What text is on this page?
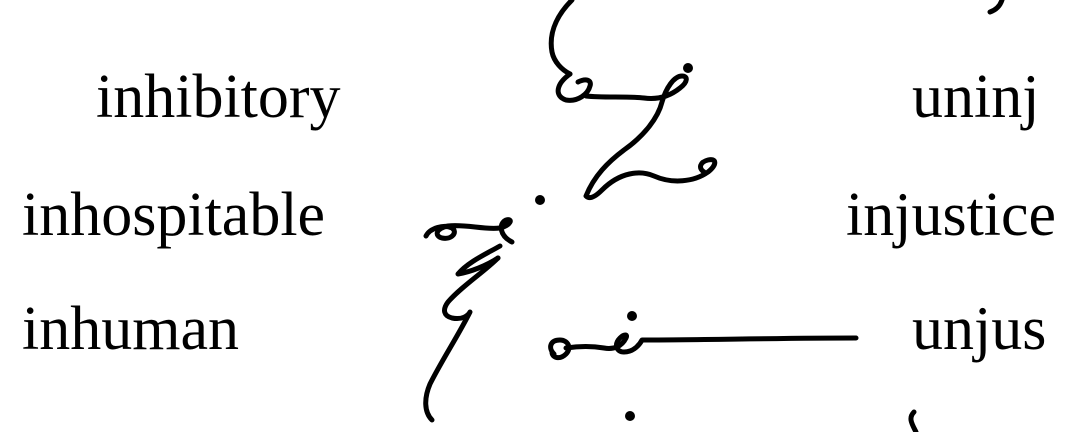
inhibitory
inhospitable
inhuman
uninj
injustice
unjus
